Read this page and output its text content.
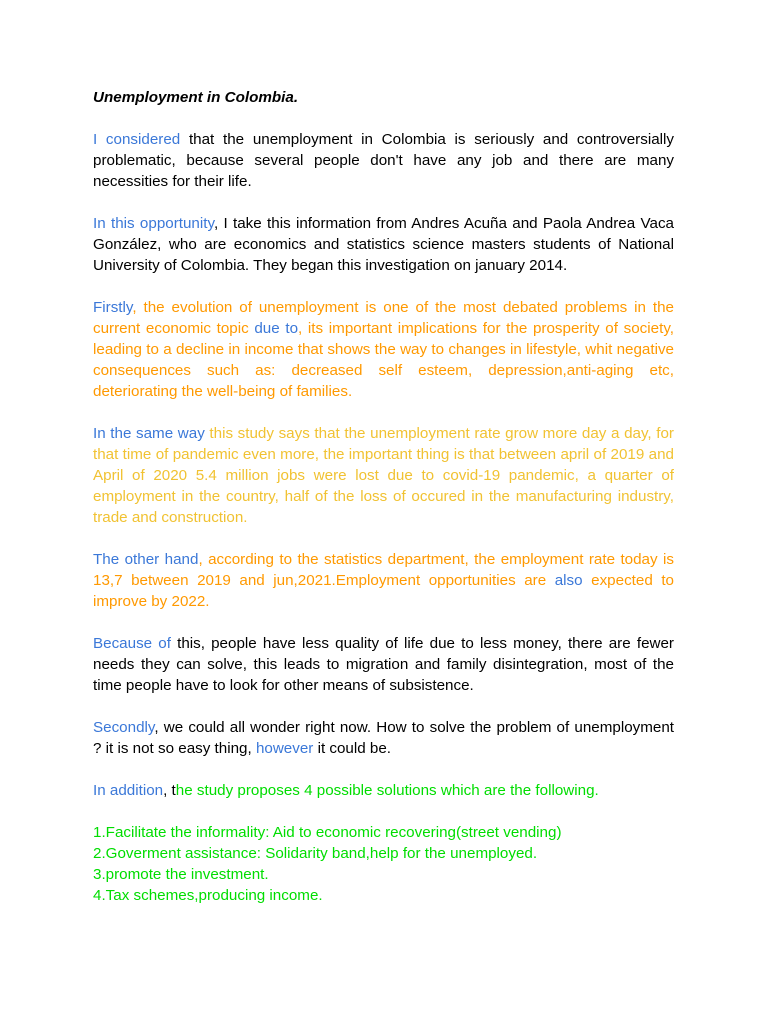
Unemployment in Colombia.

I considered that the unemployment in Colombia is seriously and controversially problematic, because several people don't have any job and there are many necessities for their life.

In this opportunity, I take this information from Andres Acuña and Paola Andrea Vaca González, who are economics and statistics science masters students of National University of Colombia. They began this investigation on january 2014.

Firstly, the evolution of unemployment is one of the most debated problems in the current economic topic due to, its important implications for the prosperity of society, leading to a decline in income that shows the way to changes in lifestyle, whit negative consequences such as: decreased self esteem, depression,anti-aging etc, deteriorating the well-being of families.

In the same way this study says that the unemployment rate grow more day a day, for that time of pandemic even more, the important thing is that between april of 2019 and April of 2020 5.4 million jobs were lost due to covid-19 pandemic, a quarter of employment in the country, half of the loss of occured in the manufacturing industry, trade and construction.

The other hand, according to the statistics department, the employment rate today is 13,7 between 2019 and jun,2021.Employment opportunities are also expected to improve by 2022.

Because of this, people have less quality of life due to less money, there are fewer needs they can solve, this leads to migration and family disintegration, most of the time people have to look for other means of subsistence.

Secondly, we could all wonder right now. How to solve the problem of unemployment ? it is not so easy thing, however it could be.

In addition, the study proposes 4 possible solutions which are the following.

1.Facilitate the informality: Aid to economic recovering(street vending)
2.Goverment assistance: Solidarity band,help for the unemployed.
3.promote the investment.
4.Tax schemes,producing income.
